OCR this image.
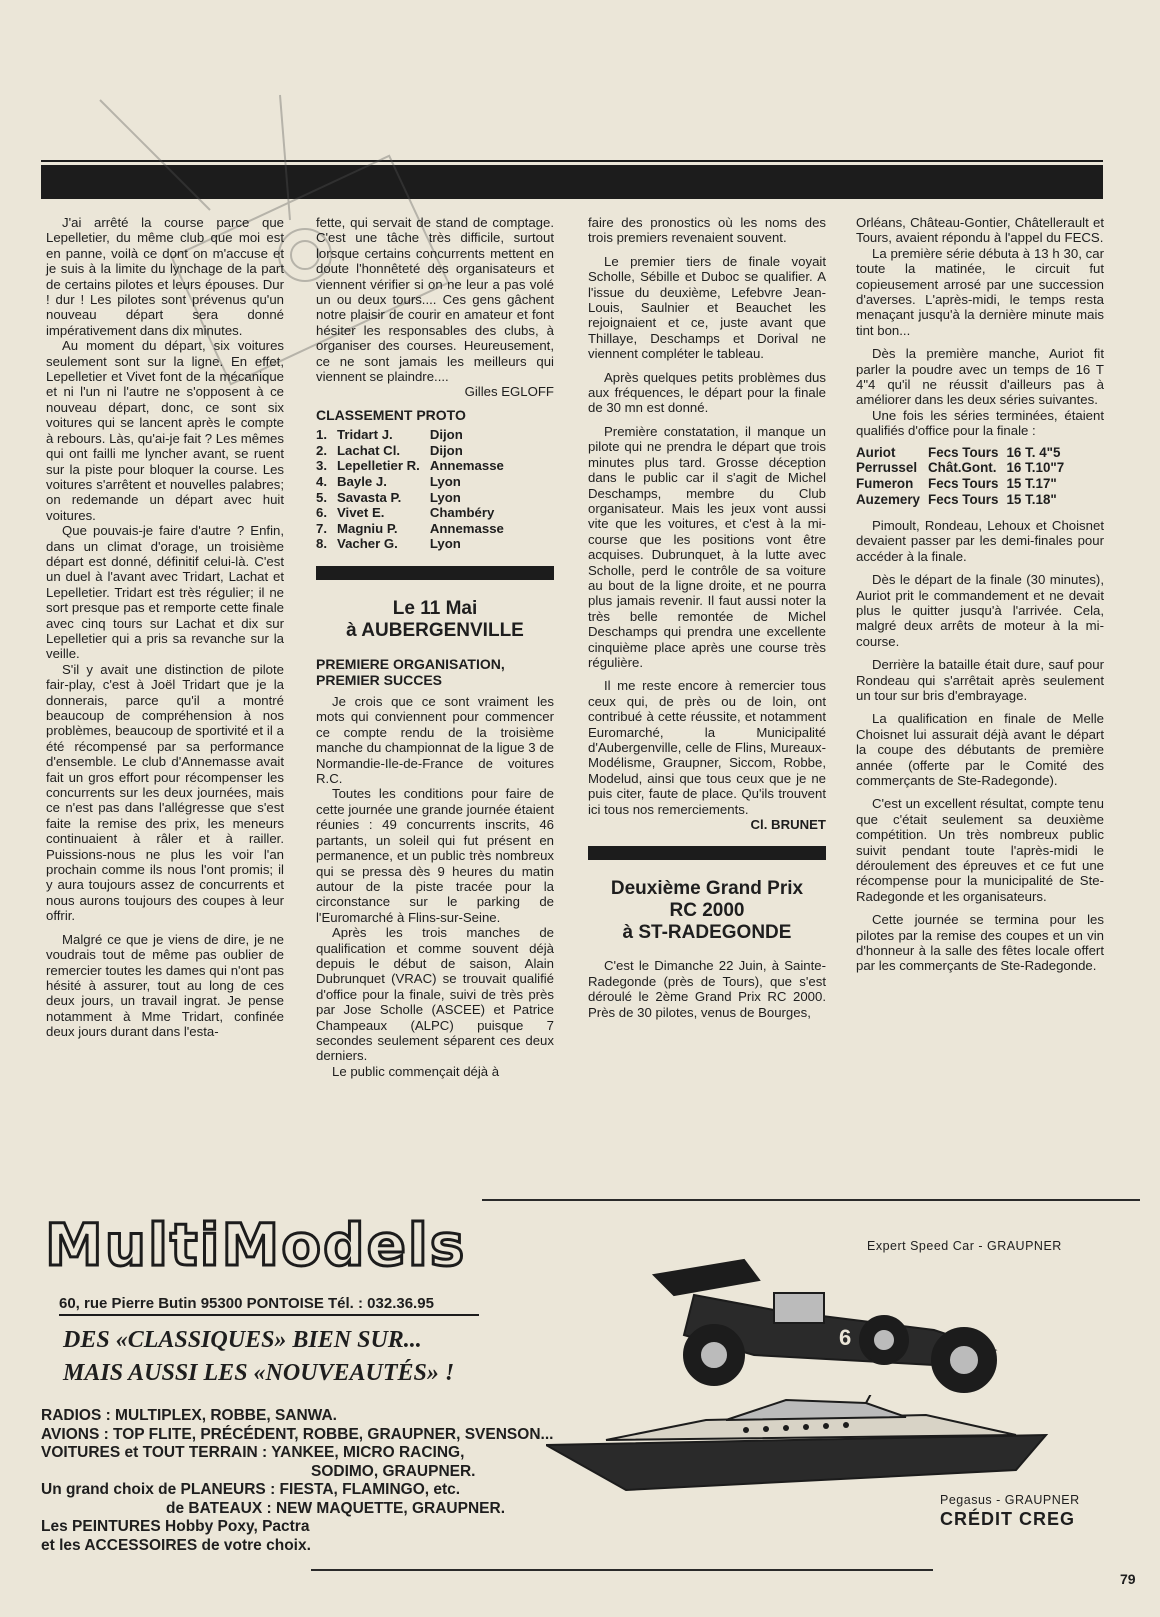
J'ai arrêté la course parce que Lepelletier, du même club que moi est en panne, voilà ce dont on m'accuse et je suis à la limite du lynchage de la part de certains pilotes et leurs épouses. Dur ! dur ! Les pilotes sont prévenus qu'un nouveau départ sera donné impérativement dans dix minutes.

Au moment du départ, six voitures seulement sont sur la ligne. En effet, Lepelletier et Vivet font de la mécanique et ni l'un ni l'autre ne s'opposent à ce nouveau départ, donc, ce sont six voitures qui se lancent après le compte à rebours. Làs, qu'ai-je fait ? Les mêmes qui ont failli me lyncher avant, se ruent sur la piste pour bloquer la course. Les voitures s'arrêtent et nouvelles palabres; on redemande un départ avec huit voitures.

Que pouvais-je faire d'autre ? Enfin, dans un climat d'orage, un troisième départ est donné, définitif celui-là. C'est un duel à l'avant avec Tridart, Lachat et Lepelletier. Tridart est très régulier; il ne sort presque pas et remporte cette finale avec cinq tours sur Lachat et dix sur Lepelletier qui a pris sa revanche sur la veille.

S'il y avait une distinction de pilote fair-play, c'est à Joël Tridart que je la donnerais, parce qu'il a montré beaucoup de compréhension à nos problèmes, beaucoup de sportivité et il a été récompensé par sa performance d'ensemble. Le club d'Annemasse avait fait un gros effort pour récompenser les concurrents sur les deux journées, mais ce n'est pas dans l'allégresse que s'est faite la remise des prix, les meneurs continuaient à râler et à railler. Puissions-nous ne plus les voir l'an prochain comme ils nous l'ont promis; il y aura toujours assez de concurrents et nous aurons toujours des coupes à leur offrir.

Malgré ce que je viens de dire, je ne voudrais tout de même pas oublier de remercier toutes les dames qui n'ont pas hésité à assurer, tout au long de ces deux jours, un travail ingrat. Je pense notamment à Mme Tridart, confinée deux jours durant dans l'esta-

fette, qui servait de stand de comptage. C'est une tâche très difficile, surtout lorsque certains concurrents mettent en doute l'honnêteté des organisateurs et viennent vérifier si on ne leur a pas volé un ou deux tours.... Ces gens gâchent notre plaisir de courir en amateur et font hésiter les responsables des clubs, à organiser des courses. Heureusement, ce ne sont jamais les meilleurs qui viennent se plaindre....

Gilles EGLOFF

CLASSEMENT PROTO
1.	Tridart J.	Dijon
2.	Lachat Cl.	Dijon
3.	Lepelletier R.	Annemasse
4.	Bayle J.	Lyon
5.	Savasta P.	Lyon
6.	Vivet E.	Chambéry
7.	Magniu P.	Annemasse
8.	Vacher G.	Lyon
Le 11 Mai
à AUBERGENVILLE
PREMIERE ORGANISATION,
PREMIER SUCCES

Je crois que ce sont vraiment les mots qui conviennent pour commencer ce compte rendu de la troisième manche du championnat de la ligue 3 de Normandie-Ile-de-France de voitures R.C.

Toutes les conditions pour faire de cette journée une grande journée étaient réunies : 49 concurrents inscrits, 46 partants, un soleil qui fut présent en permanence, et un public très nombreux qui se pressa dès 9 heures du matin autour de la piste tracée pour la circonstance sur le parking de l'Euromarché à Flins-sur-Seine.

Après les trois manches de qualification et comme souvent déjà depuis le début de saison, Alain Dubrunquet (VRAC) se trouvait qualifié d'office pour la finale, suivi de très près par Jose Scholle (ASCEE) et Patrice Champeaux (ALPC) puisque 7 secondes seulement séparent ces deux derniers.

Le public commençait déjà à

faire des pronostics où les noms des trois premiers revenaient souvent.

Le premier tiers de finale voyait Scholle, Sébille et Duboc se qualifier. A l'issue du deuxième, Lefebvre Jean-Louis, Saulnier et Beauchet les rejoignaient et ce, juste avant que Thillaye, Deschamps et Dorival ne viennent compléter le tableau.

Après quelques petits problèmes dus aux fréquences, le départ pour la finale de 30 mn est donné.

Première constatation, il manque un pilote qui ne prendra le départ que trois minutes plus tard. Grosse déception dans le public car il s'agit de Michel Deschamps, membre du Club organisateur. Mais les jeux vont aussi vite que les voitures, et c'est à la mi-course que les positions vont être acquises. Dubrunquet, à la lutte avec Scholle, perd le contrôle de sa voiture au bout de la ligne droite, et ne pourra plus jamais revenir. Il faut aussi noter la très belle remontée de Michel Deschamps qui prendra une excellente cinquième place après une course très régulière.

Il me reste encore à remercier tous ceux qui, de près ou de loin, ont contribué à cette réussite, et notamment Euromarché, la Municipalité d'Aubergenville, celle de Flins, Mureaux-Modélisme, Graupner, Siccom, Robbe, Modelud, ainsi que tous ceux que je ne puis citer, faute de place. Qu'ils trouvent ici tous nos remerciements.

Cl. BRUNET

Deuxième Grand Prix
RC 2000
à ST-RADEGONDE

C'est le Dimanche 22 Juin, à Sainte-Radegonde (près de Tours), que s'est déroulé le 2ème Grand Prix RC 2000. Près de 30 pilotes, venus de Bourges,

Orléans, Château-Gontier, Châtellerault et Tours, avaient répondu à l'appel du FECS.

La première série débuta à 13 h 30, car toute la matinée, le circuit fut copieusement arrosé par une succession d'averses. L'après-midi, le temps resta menaçant jusqu'à la dernière minute mais tint bon...

Dès la première manche, Auriot fit parler la poudre avec un temps de 16 T 4"4 qu'il ne réussit d'ailleurs pas à améliorer dans les deux séries suivantes.

Une fois les séries terminées, étaient qualifiés d'office pour la finale :

Auriot	Fecs Tours	16 T. 4"5
Perrussel	Chât.Gont.	16 T.10"7
Fumeron	Fecs Tours	15 T.17"
Auzemery	Fecs Tours	15 T.18"

Pimoult, Rondeau, Lehoux et Choisnet devaient passer par les demi-finales pour accéder à la finale.

Dès le départ de la finale (30 minutes), Auriot prit le commandement et ne devait plus le quitter jusqu'à l'arrivée. Cela, malgré deux arrêts de moteur à la mi-course.

Derrière la bataille était dure, sauf pour Rondeau qui s'arrêtait après seulement un tour sur bris d'embrayage.

La qualification en finale de Melle Choisnet lui assurait déjà avant le départ la coupe des débutants de première année (offerte par le Comité des commerçants de Ste-Radegonde).

C'est un excellent résultat, compte tenu que c'était seulement sa deuxième compétition. Un très nombreux public suivit pendant toute l'après-midi le déroulement des épreuves et ce fut une récompense pour la municipalité de Ste-Radegonde et les organisateurs.

Cette journée se termina pour les pilotes par la remise des coupes et un vin d'honneur à la salle des fêtes locale offert par les commerçants de Ste-Radegonde.

MultiModels
60, rue Pierre Butin 95300 PONTOISE Tél. : 032.36.95
DES «CLASSIQUES» BIEN SUR...
MAIS AUSSI LES «NOUVEAUTÉS» !
RADIOS : MULTIPLEX, ROBBE, SANWA.
AVIONS : TOP FLITE, PRÉCÉDENT, ROBBE, GRAUPNER, SVENSON...
VOITURES et TOUT TERRAIN : YANKEE, MICRO RACING,
SODIMO, GRAUPNER.
Un grand choix de PLANEURS : FIESTA, FLAMINGO, etc.
de BATEAUX : NEW MAQUETTE, GRAUPNER.
Les PEINTURES Hobby Poxy, Pactra
et les ACCESSOIRES de votre choix.
Expert Speed Car - GRAUPNER
6
Pegasus - GRAUPNER
CRÉDIT CREG
79
